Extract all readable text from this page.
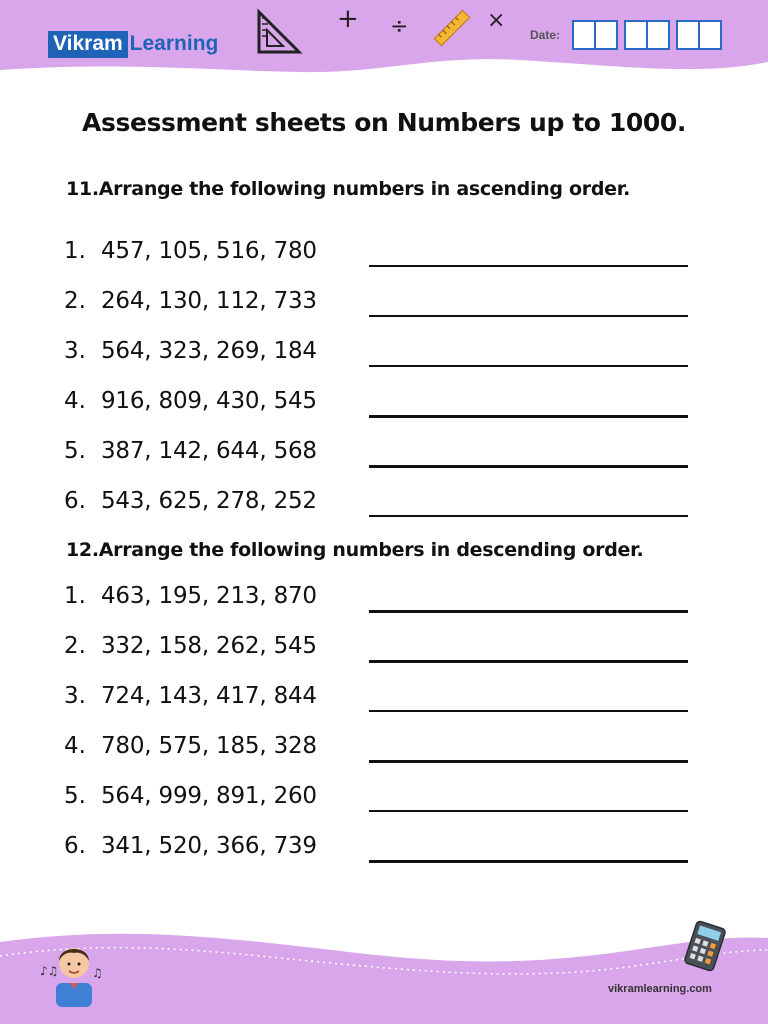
Vikram Learning
+ ÷	×
Date:
Assessment sheets on Numbers up to 1000.
11.Arrange the following numbers in ascending order.
1. 457, 105, 516, 780
2. 264, 130, 112, 733
3. 564, 323, 269, 184
4. 916, 809, 430, 545
5. 387, 142, 644, 568
6. 543, 625, 278, 252
12.Arrange the following numbers in descending order.
1. 463, 195, 213, 870
2. 332, 158, 262, 545
3. 724, 143, 417, 844
4. 780, 575, 185, 328
5. 564, 999, 891, 260
6. 341, 520, 366, 739
♪♫	♫
vikramlearning.com
